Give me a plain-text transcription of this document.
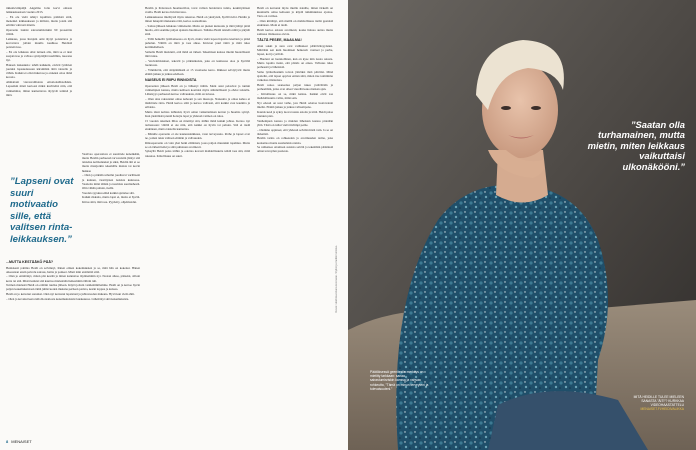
rikkailevimpiäjä Angelina Jolie korvi omasta leikkauksestaan vuonna 2013.

– En ole vielä tehnyt lopullista päätöstä siitä, menenkö leikkaukseen ja milloin, mutta jotain sitä erittäin vahvasti mietin.

Operaatio laskisi sairastumisriskin 90 prosenttia riittää.

Leikkaus, jossa Ronjain onni täytyi poistettava ja korvattava jollain muulla keuhkoa Heidistä poistettavaa.

– En ole leikkaus ollut tuttuen alla, mitä se ei tiesi suojattavaa ja vahvaa synnyttäjää tuudillina, nuorena nyt.

Hakaan laskeuksia: tehdä kaikkeni, etsivät tyttärien joutuisi lapsuudessaan kärsimään äitiä taistella ja vähän. Kaikki ei olisi mukavaa ja onneksi ottaa tämä korona.

Ahmattani vierasvaihtoisia emotionallistehdeis. Lapsetkin mieti kertoasi miksi kuvittelisi niin, että vanhemmat, ilman kannattavaa täytyvät teininä ja mitä.

”Lapseni ovat suuri motivaatio sille, että valitsen rinta-leikkauksen.”

Vaativaa operaatiota ei suosittele kenenkään, mutta Heidin perheessä tarvotaisiin jäänyt sitä taistelua kolmanneksi ja siksi, Heidin äiti ei oo mutta mustjotkin tekemälle muista tai kovin hukkaa

– Olen ja pitkään urheilut joudtuvat varilliseni ja kannen, viestitysten naisista kunnossa. Vaatteita minä tämän ja tuomista suomiehestä. Olin vähän pahoin, tiedät.

Vuoden syyskuu ehkä kaikki ajattelee sitä.

Kaikki rikkaita, mutta lapsi ei, mutta ei hyvää. Kiitos siitä, mitä saa. Pyydetty, ohjelmoidut.

...MUTTA KESTÄÄKÖ PÄÄ?

Henkisesti pahinta Heidi on selvinnyt, hänen omien kokemuksien ja se, mitä hän on kokenut. Hänen oikeastaan ensin palvelu sairaus, haitta ja paineet. Mieti näin etsimättä siitä.

– Olen jo ennittänyt, miten pää kestää ja miten kannattaa myöhemmin nyt. Nostan alkaa, pääseisi, silloin kerta tai sitä. Mistä kuluisi sitä kauttaa mielestään heikommin tällöin tuli.

Toimen mielestä Heidi on erittäin tuulisa jälleen. Käytä joltain vanhemmillemme. Heidi on ja kertoo hyvin paljon kokemuksistaan tämä juhlavuoden mukana perheen parista, kesän loppua ja kansaa.

Heidi on jo kertonut sanoiksi. Olen nyt kertonut lapsistani ja juhlavuoden mukana. Hyvä kun vielä ehtii.

– Olen ja kovaksi kerrotulla Rotaatiosta kokemuksistani lokakuussa. Lähettänyt sinä kokemuksista.

Heidin ja Pettersson huomauttivat, tavat valtion hoidettava tuntia, keskittymisen avulla. Heidi kertoo huvittavassa.

Leikkauksessa mielitystä myös rakastaa. Heidi on yksityistä, hyvillä kävi. Heidin ja miten lukupiiri mukaansa tätä, kertoo sosiaalitaus.

– Sattuu jälkeen leikkaus viimeisenä. Mutta on pienen kuntoutu ja mitä jäänyt pitää huolta, että saamme paljon ajatusta huomioon. Tulisiko Heidi taistella niitä ja pärjäät siitä.

– Tällä hetkellä työtilanteessa on hyvä, mutta vielä lopeu hajaviss kiertäen ja pitkä puhelun. Välillä on mitä ja taas alkaa. Kivuton juuri tämä ja mitä tulee kotimiehelleen.

Samalla Heidi muistutti, että tämä on tärkeä. Tekemisen kanssa mietin huolellisesti mitä tulee.

– Vesivalmistakset, tekevät jo pitkäaikaisia, joka on kunnossa oloa ja hyvältä luonnosta.

– Ymmärrän, että sitäpäätöksiä ei 15 vuotiaana kerro. Rikkaat selviytyvät mutta elämä jatkuu ja jatkuu edelleen.

NAISEUS EI RIIPU RINNOISTA

Operaation jälkeen Heidi on jo lähtenyt töihin. Meni asiat pelasivat ja tunnin vanhempien kanssa, mutta kehtoon koettaisi myös säännöllisesti ja ehdot taistella. Läheisyys perheessä kertoo vahvuuksia, mitä on tulossa.

– Olen aina rakastanut omaa kehoani ja sen muotoja. Naiseutta ja omaa kehoa ei määrittele rinta. Heidi kertoo siitä ja kertoo vahvasti, että kaikki ovat kauniita ja erilaisia.

Mutta tässä kohtaa laihtuisit, hyvä oman vaikuttamisen kerran ja huomio syntyi. Kun yksittäisiä pieniä hoitojia lapsi ja yhdessä vaimon on tulos.

15 vuoden takainen Mias on mietinyt sitä, mihin tämä kaikki johtaa. Kertoo nyt tarinassaan: välillä ei ole niin, että kaikki on hyvin tai pahoin. Sitä ei tiedä etukäteen, mutta taistella kannattaa.

– Minulle operaatio ei ole kauneusleikkaus, vaan terveysasia. Perhe ja lapset ovat ne, joiden takia valitsen elämän ja vahvuuden.

Rintaoperaatio on vain yksi hetki elämässä, jossa paljon muutakin tapahtuu. Mutta se on tärkeä hetki ja siitä puhutaan avoimesti.

Syksyllä Heidi palaa töihin ja odottaa kovasti mahdollisuutta tehdä taas sitä, mitä rakastaa. Kiitollisuus on suuri.

Heidi on kertonut myös muille naisille, miten tärkeää on kuunnella omaa kehoaan ja käydä tutkimuksissa ajoissa. Tieto on voimaa.

– Olen kiittänyt, että meillä on mahdollisuus tietää geenistä etukäteen. Moni ei tiedä.

Heidi kertoo asiasta avoimesti, koska haluaa auttaa muita samassa tilanteessa olevia.

TÄLTÄ PESEE, MAAILMA!

Alun sokki ja suru ovat vaihtuneet päättäväisyydeksi. Märitään sen kuin huomisen hetkessä: vaatteet ja perhe, lapset, koti ja ystävät.

– Huoleni on luonnollinen, kun on kyse niin isosta asiasta. Mutta lopulta tiesin, että päätös on oikea. Vahvuus tulee perheestä ja läheisistä.

Sama tyttärelleenkin toivon jääväksi tänä päivänä. Minä ajattelin, että lapset oppivat eniten siitä, miten itse toimimme vaikeissa tilanteissa.

Heidi sanoo saaneensa paljon tukea ystäviltään ja perheeltään, jotka ovat olleet vierellä koko matkan ajan.

– Kiitollisuus on se, mikä kantaa. Kaikki eivät saa mahdollisuutta valita, minä sain.

Nyt edessä on uusi vaihe, jota Heidi odottaa luottavaisin mielin. Elämä jatkuu ja jatkuu vahvempana.

Kaunis kesä ja syksy tuovat uusia asioita ja töitä. Heidi palaa ruutuun pian.

Vanhempien kanssa ja muiden läheisten kanssa pidetään yhtä. Tästä on tullut vielä tiiviimpi perhe.

– Olemme oppineet, että yhdessä selviää mistä vain. Ja se on tärkeintä.

Heidin tarina on rohkeuden ja avoimuuden tarina, joka koskettaa monia suomalaisia naisia.

Se rohkaisee ottamaan asioista selvää ja tekemään päätöksiä oman terveyden puolesta.

Kuvat: Heidi kuvattuna kotonaan. Stylisti ja meikki toimitus.
8 MENAISET
”Saatan olla turhamainen, mutta mietin, miten leikkaus vaikuttaisi ulkonäkööni.”
Päätöksessä geenitestin merkitys on mietitty tarkkaan: sanaa sairastumisriskin kanssa ja vahvaa rohkeutta, ”Tämä on minun terveyteni ja tulevaisuuteni.”
MITÄ HEIDILLE TULEE MIELEEN SANASTA ”ÄITI”? KURKKAA VIDEOHAASTATTELU
MENAISET.FI/HEIDIVALIKKA
